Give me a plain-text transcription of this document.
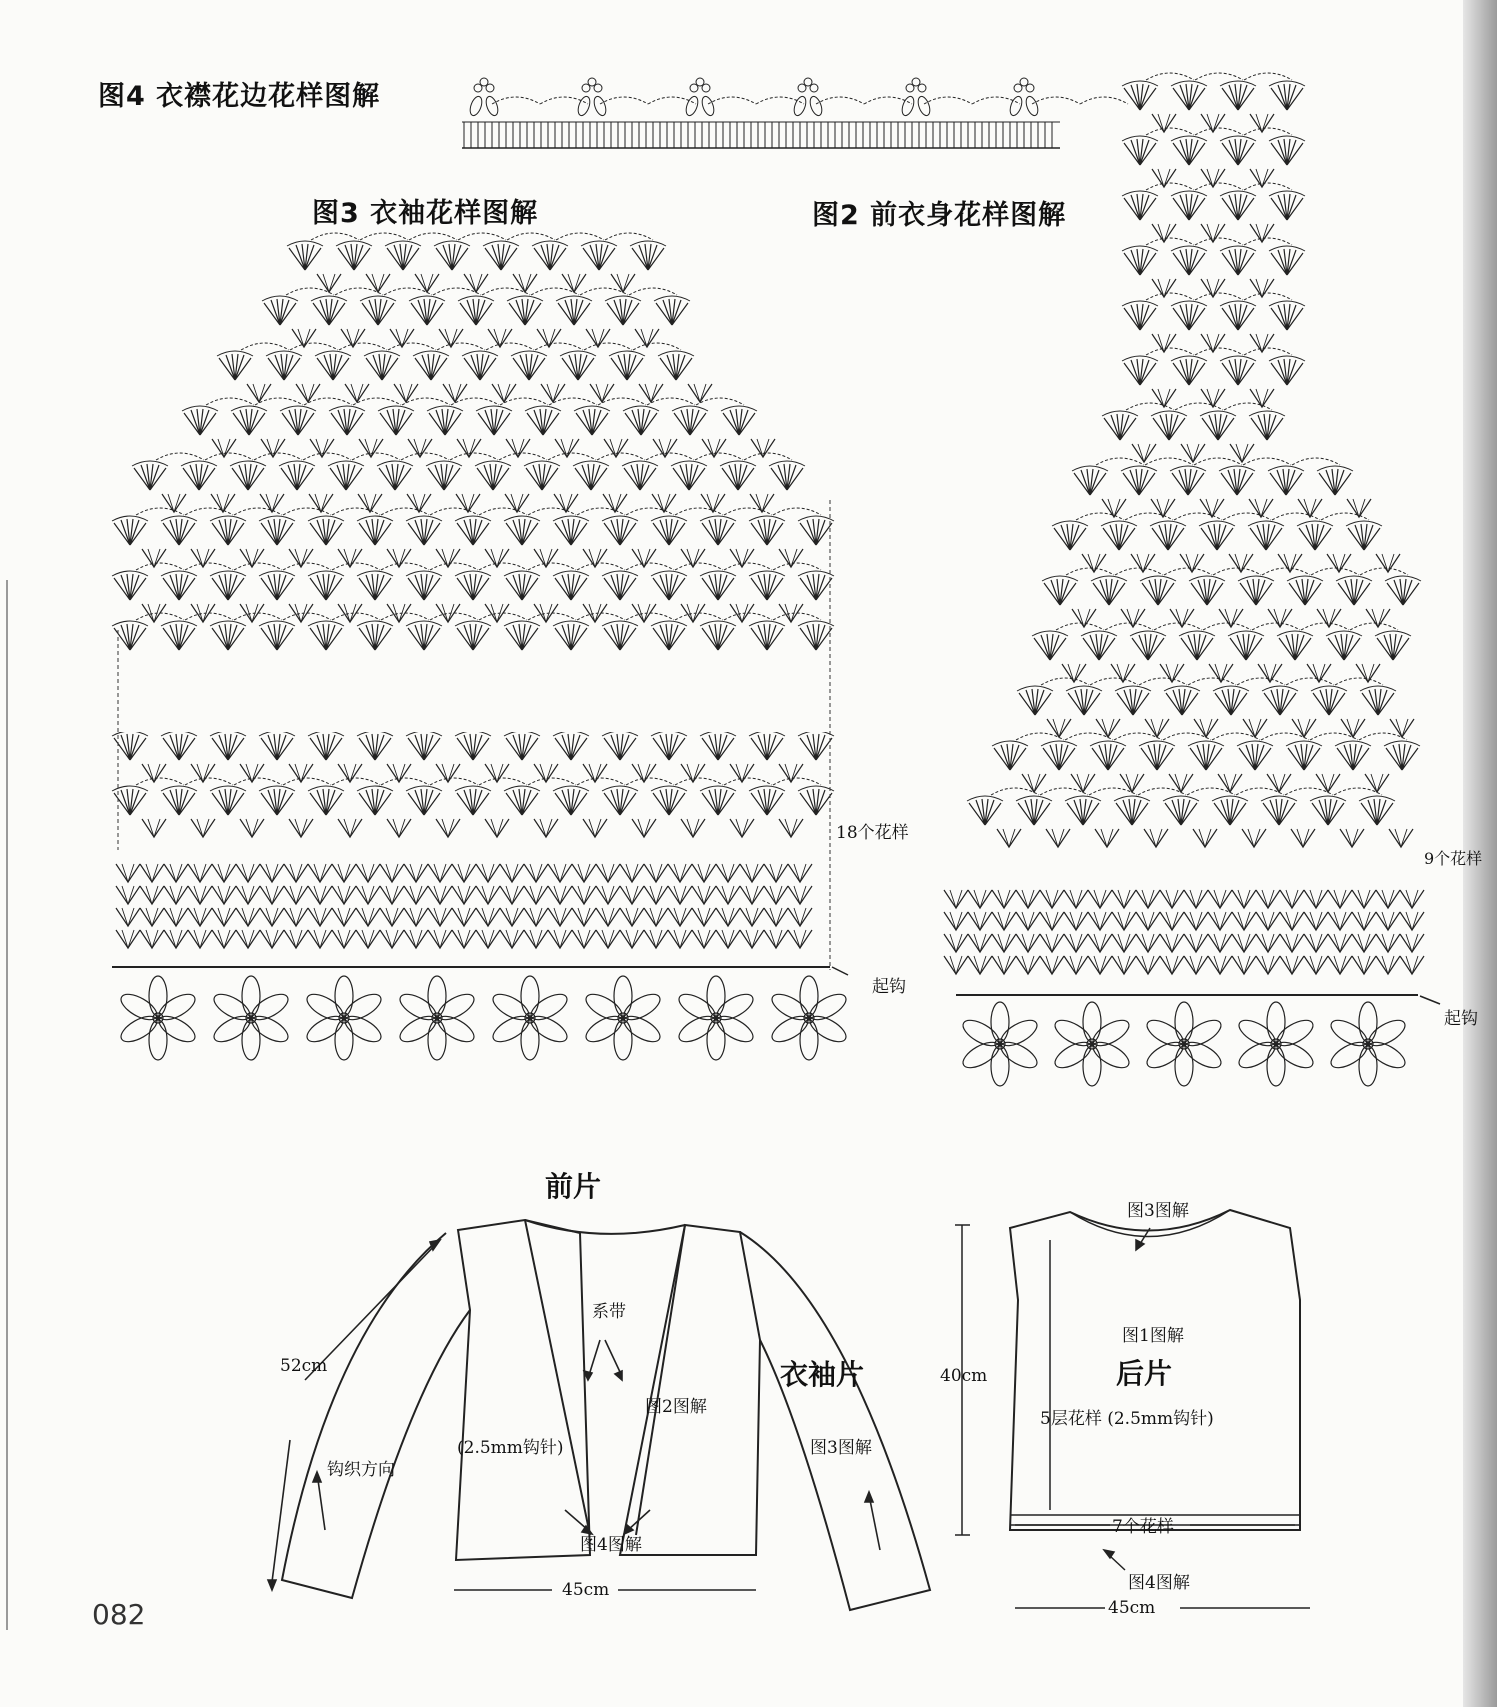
图4 衣襟花边花样图解
图3 衣袖花样图解	图2 前衣身花样图解
18个花样
起钩
9个花样
起钩
前片
系带
图2图解
(2.5mm钩针)
衣袖片
图3图解
52cm
钩织方向
图4图解
45cm
图3图解
图1图解
后片
40cm
5层花样 (2.5mm钩针)
7个花样
图4图解
45cm
082
